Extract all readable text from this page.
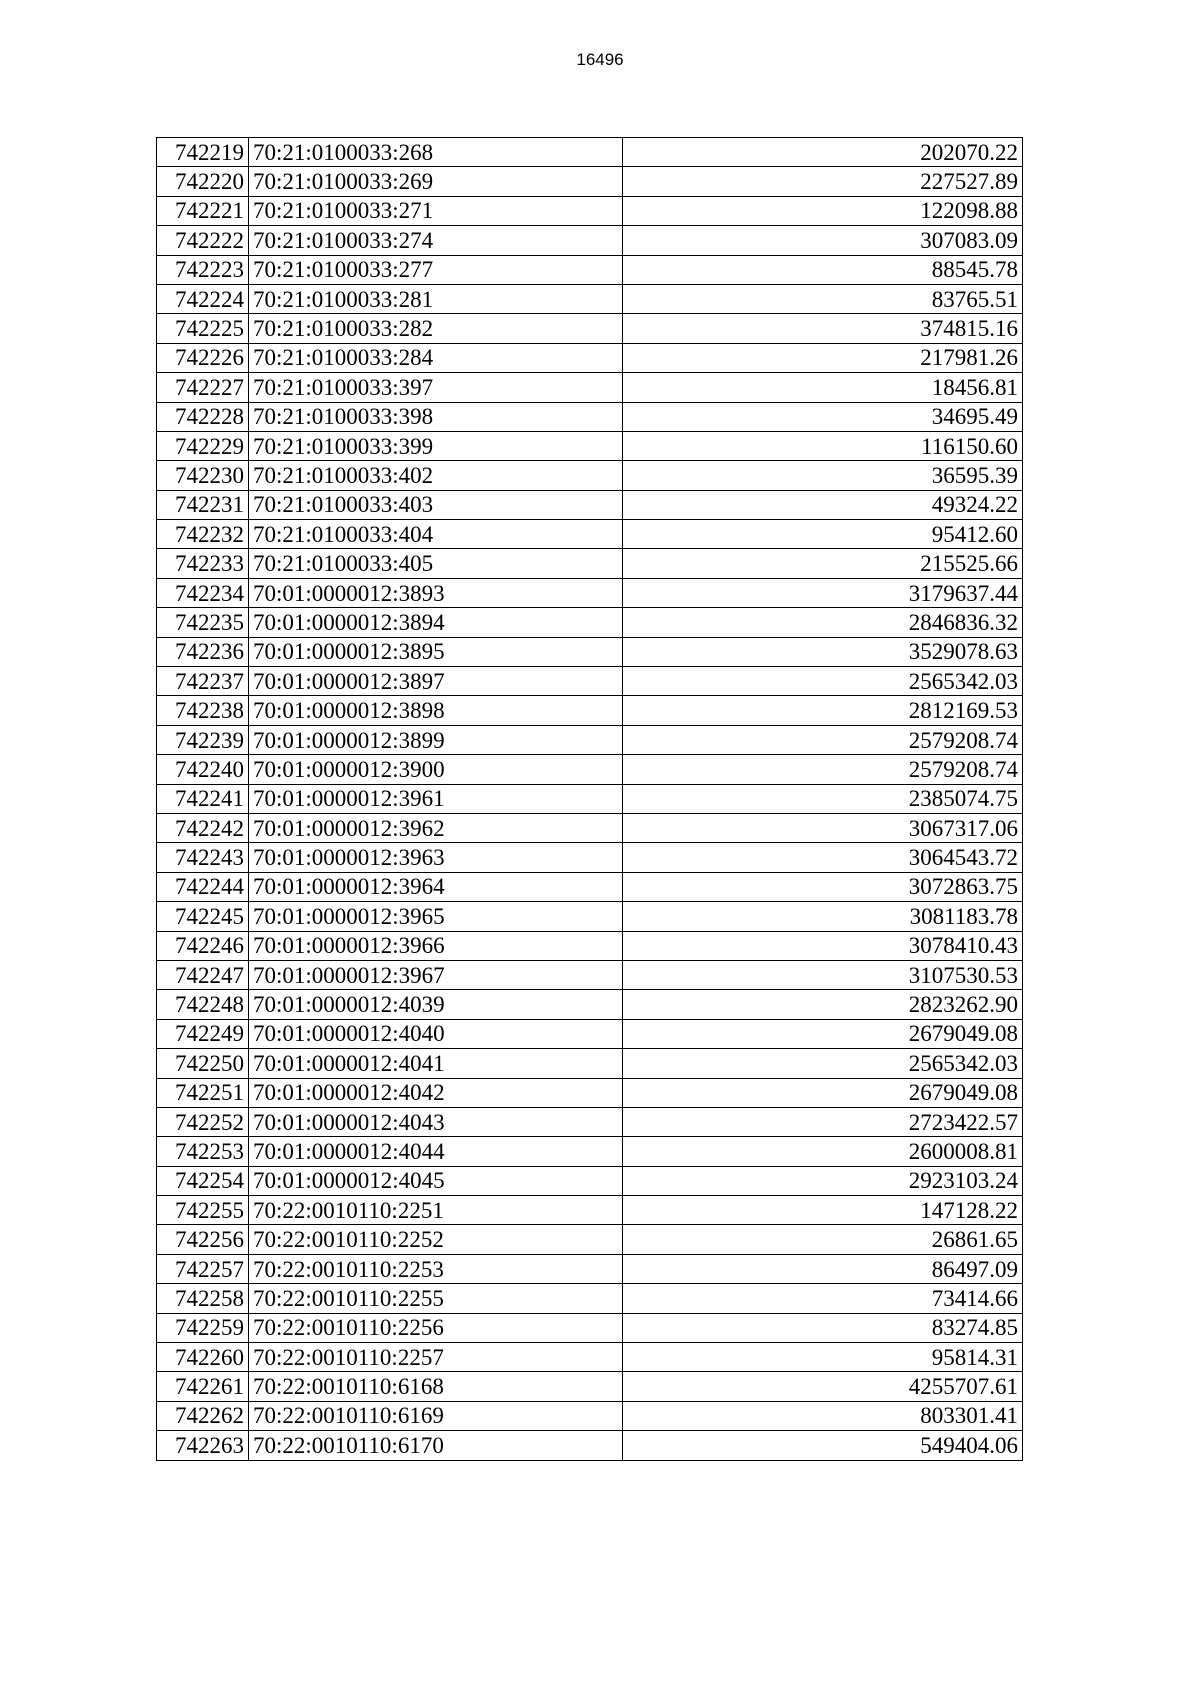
16496
742219	70:21:0100033:268	202070.22
742220	70:21:0100033:269	227527.89
742221	70:21:0100033:271	122098.88
742222	70:21:0100033:274	307083.09
742223	70:21:0100033:277	88545.78
742224	70:21:0100033:281	83765.51
742225	70:21:0100033:282	374815.16
742226	70:21:0100033:284	217981.26
742227	70:21:0100033:397	18456.81
742228	70:21:0100033:398	34695.49
742229	70:21:0100033:399	116150.60
742230	70:21:0100033:402	36595.39
742231	70:21:0100033:403	49324.22
742232	70:21:0100033:404	95412.60
742233	70:21:0100033:405	215525.66
742234	70:01:0000012:3893	3179637.44
742235	70:01:0000012:3894	2846836.32
742236	70:01:0000012:3895	3529078.63
742237	70:01:0000012:3897	2565342.03
742238	70:01:0000012:3898	2812169.53
742239	70:01:0000012:3899	2579208.74
742240	70:01:0000012:3900	2579208.74
742241	70:01:0000012:3961	2385074.75
742242	70:01:0000012:3962	3067317.06
742243	70:01:0000012:3963	3064543.72
742244	70:01:0000012:3964	3072863.75
742245	70:01:0000012:3965	3081183.78
742246	70:01:0000012:3966	3078410.43
742247	70:01:0000012:3967	3107530.53
742248	70:01:0000012:4039	2823262.90
742249	70:01:0000012:4040	2679049.08
742250	70:01:0000012:4041	2565342.03
742251	70:01:0000012:4042	2679049.08
742252	70:01:0000012:4043	2723422.57
742253	70:01:0000012:4044	2600008.81
742254	70:01:0000012:4045	2923103.24
742255	70:22:0010110:2251	147128.22
742256	70:22:0010110:2252	26861.65
742257	70:22:0010110:2253	86497.09
742258	70:22:0010110:2255	73414.66
742259	70:22:0010110:2256	83274.85
742260	70:22:0010110:2257	95814.31
742261	70:22:0010110:6168	4255707.61
742262	70:22:0010110:6169	803301.41
742263	70:22:0010110:6170	549404.06
